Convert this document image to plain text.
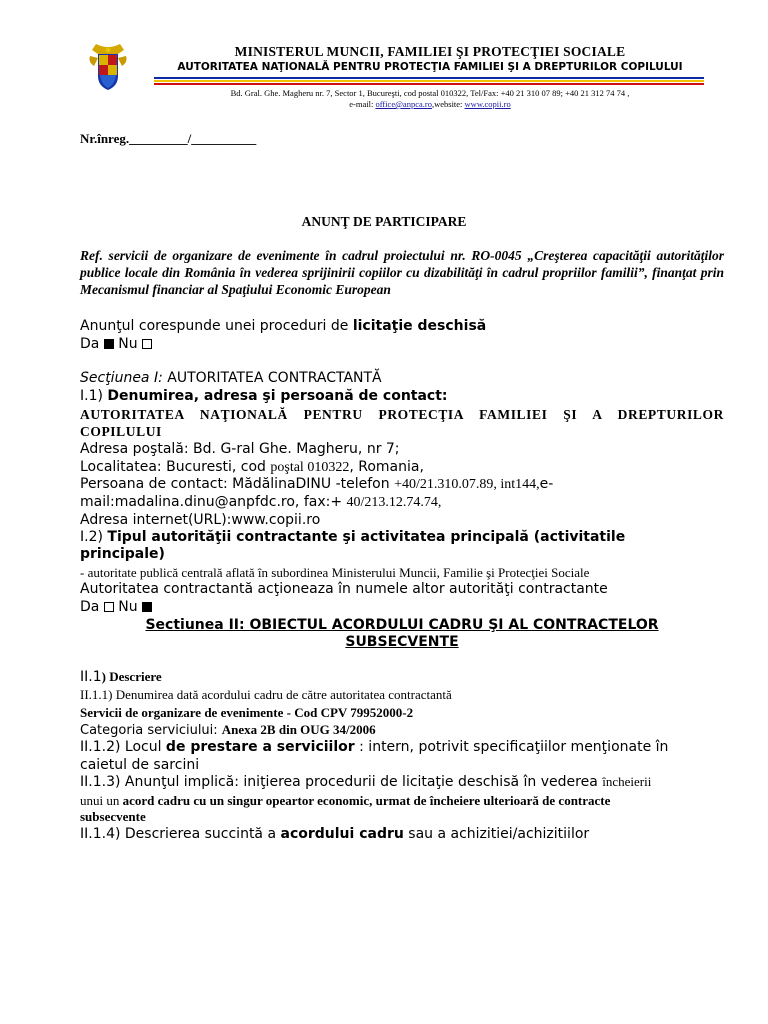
MINISTERUL MUNCII, FAMILIEI ŞI PROTECŢIEI SOCIALE
AUTORITATEA NAŢIONALĂ PENTRU PROTECŢIA FAMILIEI ŞI A DREPTURILOR COPILULUI
Bd. Gral. Ghe. Magheru nr. 7, Sector 1, Bucureşti, cod postal 010322, Tel/Fax: +40 21 310 07 89; +40 21 312 74 74 ,
e-mail: office@anpca.ro,website: www.copii.ro
Nr.înreg._________/__________
ANUNŢ DE PARTICIPARE
Ref. servicii de organizare de evenimente în cadrul proiectului nr. RO-0045 „Creşterea capacităţii autorităţilor publice locale din România în vederea sprijinirii copiilor cu dizabilităţi în cadrul propriilor familii”, finanţat prin Mecanismul financiar al Spaţiului Economic European
Anunţul corespunde unei proceduri de licitaţie deschisă
Da Nu
Secţiunea I: AUTORITATEA CONTRACTANTĂ
I.1) Denumirea, adresa şi persoană de contact:
AUTORITATEA NAŢIONALĂ PENTRU PROTECŢIA FAMILIEI ŞI A DREPTURILOR COPILULUI
Adresa poştală: Bd. G-ral Ghe. Magheru, nr 7;
Localitatea: Bucuresti, cod poştal 010322, Romania,
Persoana de contact: MădălinaDINU -telefon +40/21.310.07.89, int144,e-
mail:madalina.dinu@anpfdc.ro, fax:+ 40/213.12.74.74,
Adresa internet(URL):www.copii.ro
I.2) Tipul autorităţii contractante şi activitatea principală (activitatile
principale)
- autoritate publică centrală aflată în subordinea Ministerului Muncii, Familie şi Protecţiei Sociale
Autoritatea contractantă acţioneaza în numele altor autorităţi contractante
Da Nu
Sectiunea II: OBIECTUL ACORDULUI CADRU ŞI AL CONTRACTELOR
SUBSECVENTE
II.1) Descriere
II.1.1) Denumirea dată acordului cadru de către autoritatea contractantă
Servicii de organizare de evenimente - Cod CPV 79952000-2
Categoria serviciului: Anexa 2B din OUG 34/2006
II.1.2) Locul de prestare a serviciilor : intern, potrivit specificaţiilor menţionate în
caietul de sarcini
II.1.3) Anunţul implică: iniţierea procedurii de licitaţie deschisă în vederea încheierii
unui un acord cadru cu un singur opeartor economic, urmat de încheiere ulterioară de contracte
subsecvente
II.1.4) Descrierea succintă a acordului cadru sau a achizitiei/achizitiilor
